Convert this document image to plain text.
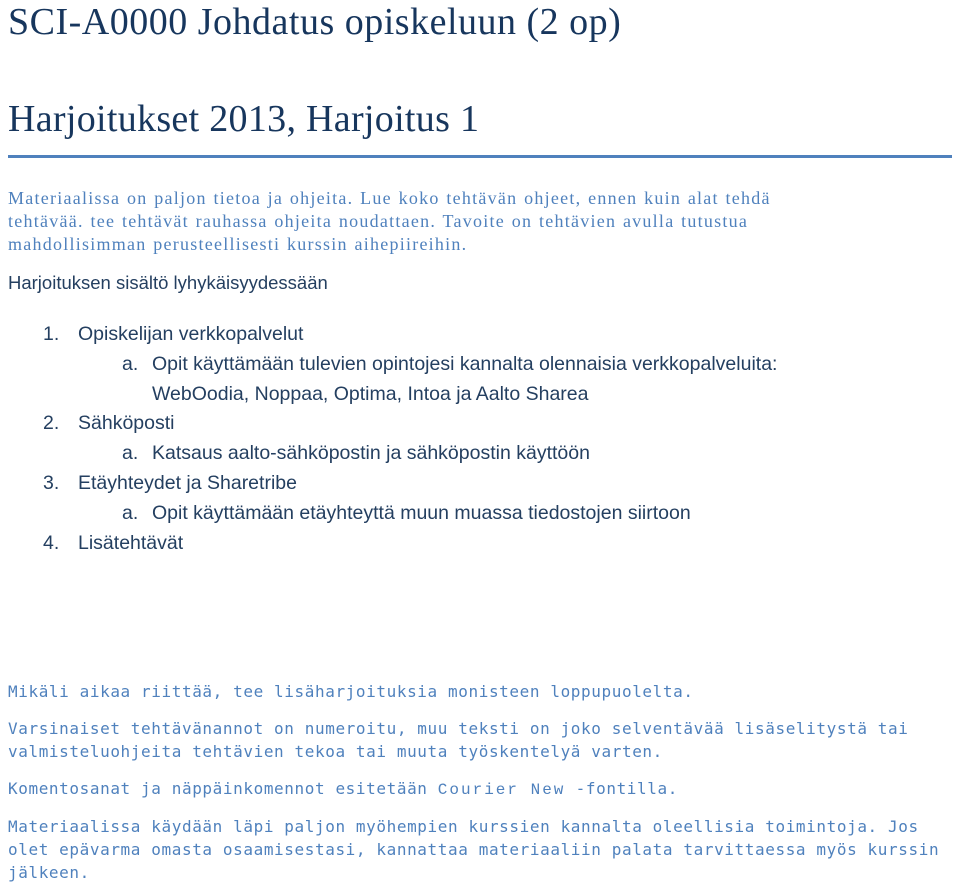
SCI-A0000 Johdatus opiskeluun (2 op)
Harjoitukset 2013, Harjoitus 1
Materiaalissa on paljon tietoa ja ohjeita. Lue koko tehtävän ohjeet, ennen kuin alat tehdä
tehtävää. tee tehtävät rauhassa ohjeita noudattaen. Tavoite on tehtävien avulla tutustua
mahdollisimman perusteellisesti kurssin aihepiireihin.
Harjoituksen sisältö lyhykäisyydessään
1. Opiskelijan verkkopalvelut
a. Opit käyttämään tulevien opintojesi kannalta olennaisia verkkopalveluita:
WebOodia, Noppaa, Optima, Intoa ja Aalto Sharea
2. Sähköposti
a. Katsaus aalto-sähköpostin ja sähköpostin käyttöön
3. Etäyhteydet ja Sharetribe
a. Opit käyttämään etäyhteyttä muun muassa tiedostojen siirtoon
4. Lisätehtävät
Mikäli aikaa riittää, tee lisäharjoituksia monisteen loppupuolelta.
Varsinaiset tehtävänannot on numeroitu, muu teksti on joko selventävää lisäselitystä tai
valmisteluohjeita tehtävien tekoa tai muuta työskentelyä varten.
Komentosanat ja näppäinkomennot esitetään Courier New -fontilla.
Materiaalissa käydään läpi paljon myöhempien kurssien kannalta oleellisia toimintoja. Jos
olet epävarma omasta osaamisestasi, kannattaa materiaaliin palata tarvittaessa myös kurssin
jälkeen.
